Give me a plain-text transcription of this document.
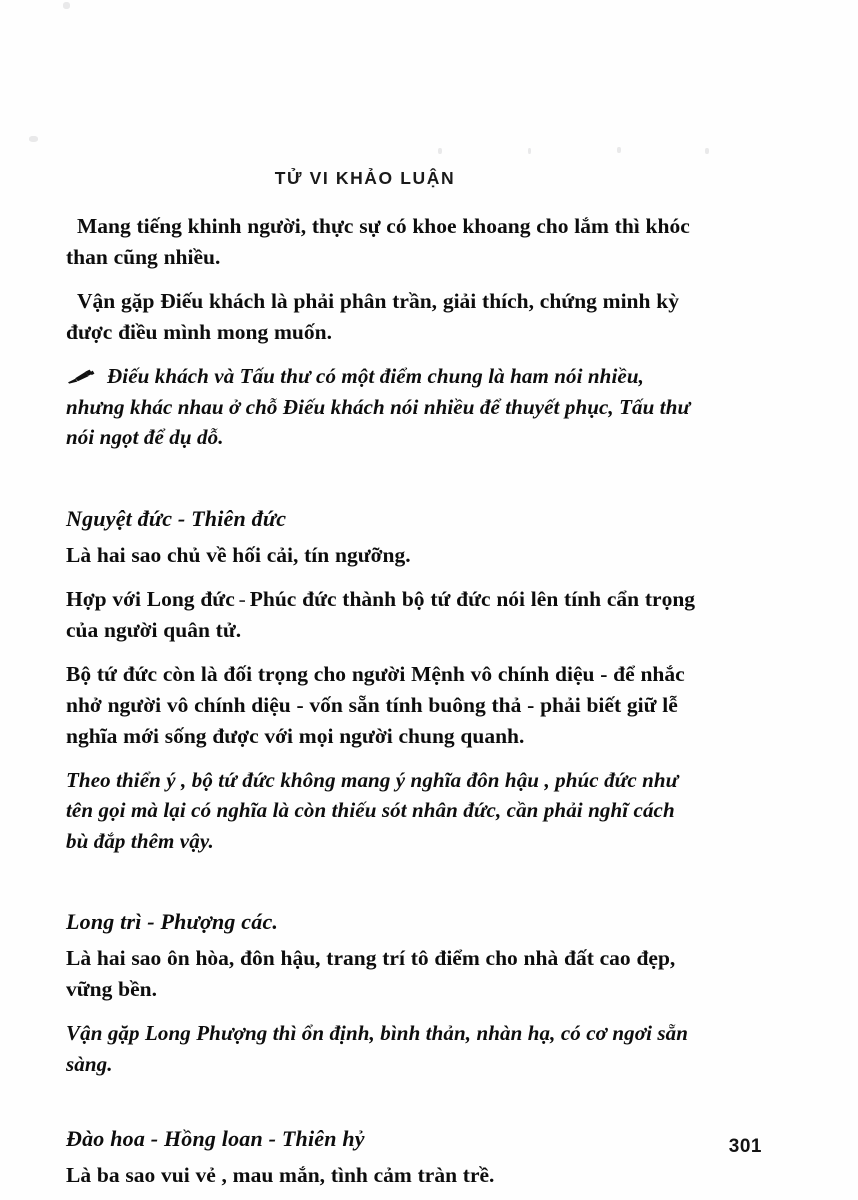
TỬ VI KHẢO LUẬN

Mang tiếng khinh người, thực sự có khoe khoang cho lắm thì khóc than cũng nhiều.

Vận gặp Điếu khách là phải phân trần, giải thích, chứng minh kỳ được điều mình mong muốn.

Điếu khách và Tấu thư có một điểm chung là ham nói nhiều, nhưng khác nhau ở chỗ Điếu khách nói nhiều để thuyết phục, Tấu thư nói ngọt để dụ dỗ.

Nguyệt đức - Thiên đức

Là hai sao chủ về hối cải, tín ngưỡng.

Hợp với Long đức - Phúc đức thành bộ tứ đức nói lên tính cẩn trọng của người quân tử.

Bộ tứ đức còn là đối trọng cho người Mệnh vô chính diệu - để nhắc nhở người vô chính diệu - vốn sẵn tính buông thả - phải biết giữ lễ nghĩa mới sống được với mọi người chung quanh.

Theo thiển ý , bộ tứ đức không mang ý nghĩa đôn hậu , phúc đức như tên gọi mà lại có nghĩa là còn thiếu sót nhân đức, cần phải nghĩ cách bù đắp thêm vậy.

Long trì - Phượng các.

Là hai sao ôn hòa, đôn hậu, trang trí tô điểm cho nhà đất cao đẹp, vững bền.

Vận gặp Long Phượng thì ổn định, bình thản, nhàn hạ, có cơ ngơi sẵn sàng.

Đào hoa - Hồng loan - Thiên hỷ

Là ba sao vui vẻ , mau mắn, tình cảm tràn trề.

301
